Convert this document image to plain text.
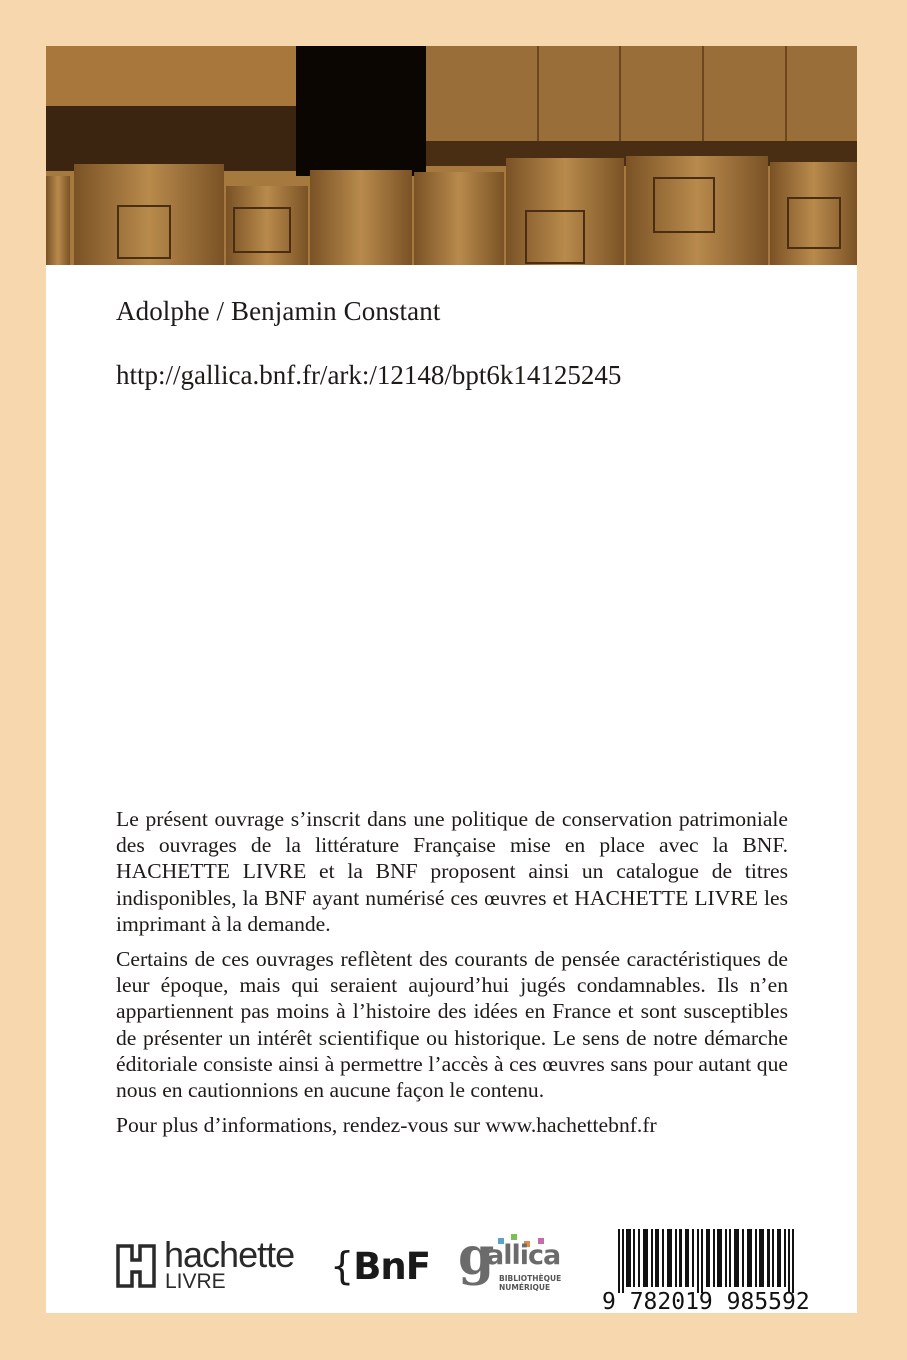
Adolphe / Benjamin Constant
http://gallica.bnf.fr/ark:/12148/bpt6k14125245

Le présent ouvrage s’inscrit dans une politique de conservation patrimoniale des ouvrages de la littérature Française mise en place avec la BNF. HACHETTE LIVRE et la BNF proposent ainsi un catalogue de titres indisponibles, la BNF ayant numérisé ces œuvres et HACHETTE LIVRE les imprimant à la demande.

Certains de ces ouvrages reflètent des courants de pensée caractéristiques de leur époque, mais qui seraient aujourd’hui jugés condamnables. Ils n’en appartiennent pas moins à l’histoire des idées en France et sont susceptibles de présenter un intérêt scientifique ou historique. Le sens de notre démarche éditoriale consiste ainsi à permettre l’accès à ces œuvres sans pour autant que nous en cautionnions en aucune façon le contenu.

Pour plus d’informations, rendez-vous sur www.hachettebnf.fr

hachette
LIVRE	{BnF g
allica
BIBLIOTHÈQUE
NUMÉRIQUE
9 782019 985592
